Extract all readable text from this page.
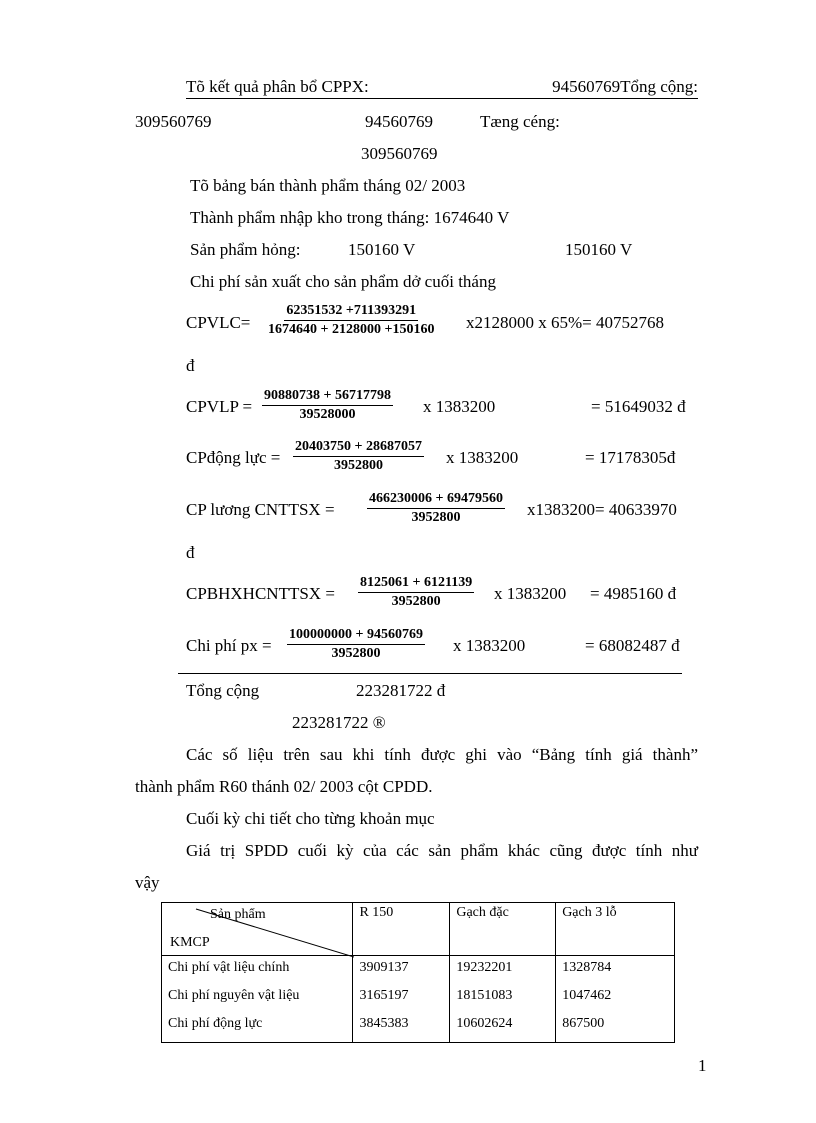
Tõ kết quả phân bổ CPPX:	94560769Tổng cộng:
309560769	94560769	Tæng céng:
309560769
Tõ bảng bán thành phẩm tháng 02/ 2003
Thành phẩm nhập kho trong tháng: 1674640 V
Sản phẩm hỏng:	150160 V	150160 V
Chi phí sản xuất cho sản phẩm dở cuối tháng
CPVLC= $\frac{62351532 +711393291}{1674640 + 2128000 +150160} x2128000$ x 65%= 40752768
đ
CPVLP = $\frac{90880738 + 56717798}{39528000}$ x 1383200	= 51649032 đ
CPđộng lực = $\frac{20403750 + 28687057}{3952800}$ x 1383200	= 17178305đ
CP lương CNTTSX = $\frac{466230006 + 69479560}{3952800} x1383200= 40633970$
đ
CPBHXHCNTTSX = $\frac{8125061 + 6121139}{3952800}$ x 1383200 = 4985160 đ
Chi phí px = $\frac{100000000 + 94560769}{3952800}$ x 1383200	= 68082487 đ
Tổng cộng	223281722 đ
223281722 ®
Các số liệu trên sau khi tính được ghi vào “Bảng tính giá thành”
thành phẩm R60 thánh 02/ 2003 cột CPDD.
Cuối kỳ chi tiết cho từng khoản mục
Giá trị SPDD cuối kỳ của các sản phẩm khác cũng được tính như
vậy
Sản phẩm
KMCP	R 150	Gạch đặc	Gạch 3 lỗ
Chi phí vật liệu chính	3909137	19232201	1328784
Chi phí nguyên vật liệu	3165197	18151083	1047462
Chi phí động lực	3845383	10602624	867500
1
